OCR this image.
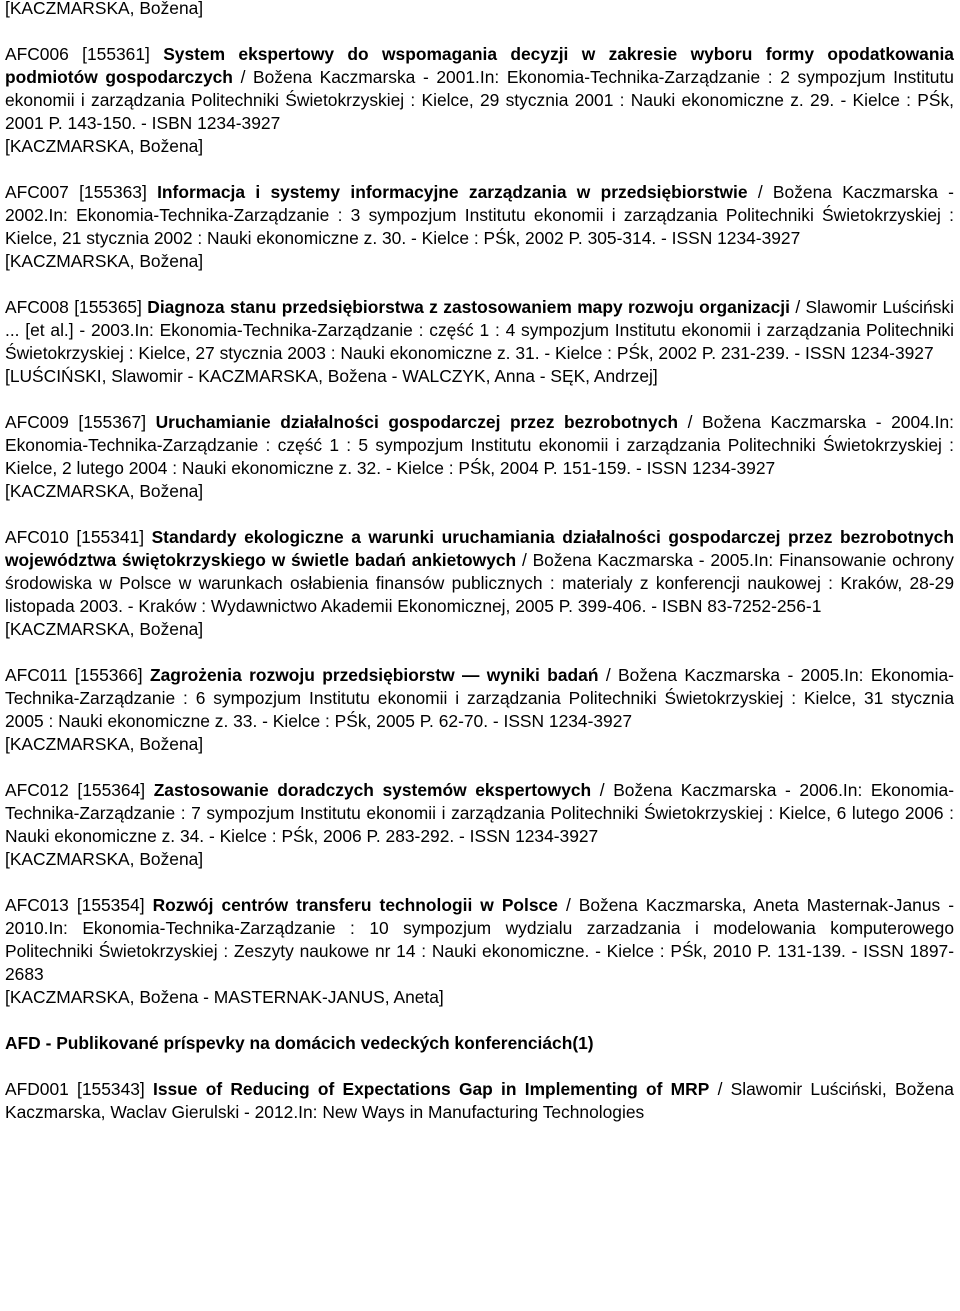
[KACZMARSKA, Božena]

AFC006 [155361] System ekspertowy do wspomagania decyzji w zakresie wyboru formy opodatkowania podmiotów gospodarczych / Božena Kaczmarska - 2001.In: Ekonomia-Technika-Zarządzanie : 2 sympozjum Institutu ekonomii i zarządzania Politechniki Świetokrzyskiej : Kielce, 29 stycznia 2001 : Nauki ekonomiczne z. 29. - Kielce : PŚk, 2001 P. 143-150. - ISBN 1234-3927

[KACZMARSKA, Božena]

AFC007 [155363] Informacja i systemy informacyjne zarządzania w przedsiębiorstwie / Božena Kaczmarska - 2002.In: Ekonomia-Technika-Zarządzanie : 3 sympozjum Institutu ekonomii i zarządzania Politechniki Świetokrzyskiej : Kielce, 21 stycznia 2002 : Nauki ekonomiczne z. 30. - Kielce : PŚk, 2002 P. 305-314. - ISSN 1234-3927

[KACZMARSKA, Božena]

AFC008 [155365] Diagnoza stanu przedsiębiorstwa z zastosowaniem mapy rozwoju organizacji / Slawomir Luściński ... [et al.] - 2003.In: Ekonomia-Technika-Zarządzanie : część 1 : 4 sympozjum Institutu ekonomii i zarządzania Politechniki Świetokrzyskiej : Kielce, 27 stycznia 2003 : Nauki ekonomiczne z. 31. - Kielce : PŚk, 2002 P. 231-239. - ISSN 1234-3927

[LUŚCIŃSKI, Slawomir - KACZMARSKA, Božena - WALCZYK, Anna - SĘK, Andrzej]

AFC009 [155367] Uruchamianie działalności gospodarczej przez bezrobotnych / Božena Kaczmarska - 2004.In: Ekonomia-Technika-Zarządzanie : część 1 : 5 sympozjum Institutu ekonomii i zarządzania Politechniki Świetokrzyskiej : Kielce, 2 lutego 2004 : Nauki ekonomiczne z. 32. - Kielce : PŚk, 2004 P. 151-159. - ISSN 1234-3927

[KACZMARSKA, Božena]

AFC010 [155341] Standardy ekologiczne a warunki uruchamiania działalności gospodarczej przez bezrobotnych województwa świętokrzyskiego w świetle badań ankietowych / Božena Kaczmarska - 2005.In: Finansowanie ochrony środowiska w Polsce w warunkach osłabienia finansów publicznych : materialy z konferencji naukowej : Kraków, 28-29 listopada 2003. - Kraków : Wydawnictwo Akademii Ekonomicznej, 2005 P. 399-406. - ISBN 83-7252-256-1

[KACZMARSKA, Božena]

AFC011 [155366] Zagrożenia rozwoju przedsiębiorstw — wyniki badań / Božena Kaczmarska - 2005.In: Ekonomia-Technika-Zarządzanie : 6 sympozjum Institutu ekonomii i zarządzania Politechniki Świetokrzyskiej : Kielce, 31 stycznia 2005 : Nauki ekonomiczne z. 33. - Kielce : PŚk, 2005 P. 62-70. - ISSN 1234-3927

[KACZMARSKA, Božena]

AFC012 [155364] Zastosowanie doradczych systemów ekspertowych / Božena Kaczmarska - 2006.In: Ekonomia-Technika-Zarządzanie : 7 sympozjum Institutu ekonomii i zarządzania Politechniki Świetokrzyskiej : Kielce, 6 lutego 2006 : Nauki ekonomiczne z. 34. - Kielce : PŚk, 2006 P. 283-292. - ISSN 1234-3927

[KACZMARSKA, Božena]

AFC013 [155354] Rozwój centrów transferu technologii w Polsce / Božena Kaczmarska, Aneta Masternak-Janus - 2010.In: Ekonomia-Technika-Zarządzanie : 10 sympozjum wydzialu zarzadzania i modelowania komputerowego Politechniki Świetokrzyskiej : Zeszyty naukowe nr 14 : Nauki ekonomiczne. - Kielce : PŚk, 2010 P. 131-139. - ISSN 1897-2683

[KACZMARSKA, Božena - MASTERNAK-JANUS, Aneta]

AFD - Publikované príspevky na domácich vedeckých konferenciách(1)

AFD001 [155343] Issue of Reducing of Expectations Gap in Implementing of MRP / Slawomir Luściński, Božena Kaczmarska, Waclav Gierulski - 2012.In: New Ways in Manufacturing Technologies
